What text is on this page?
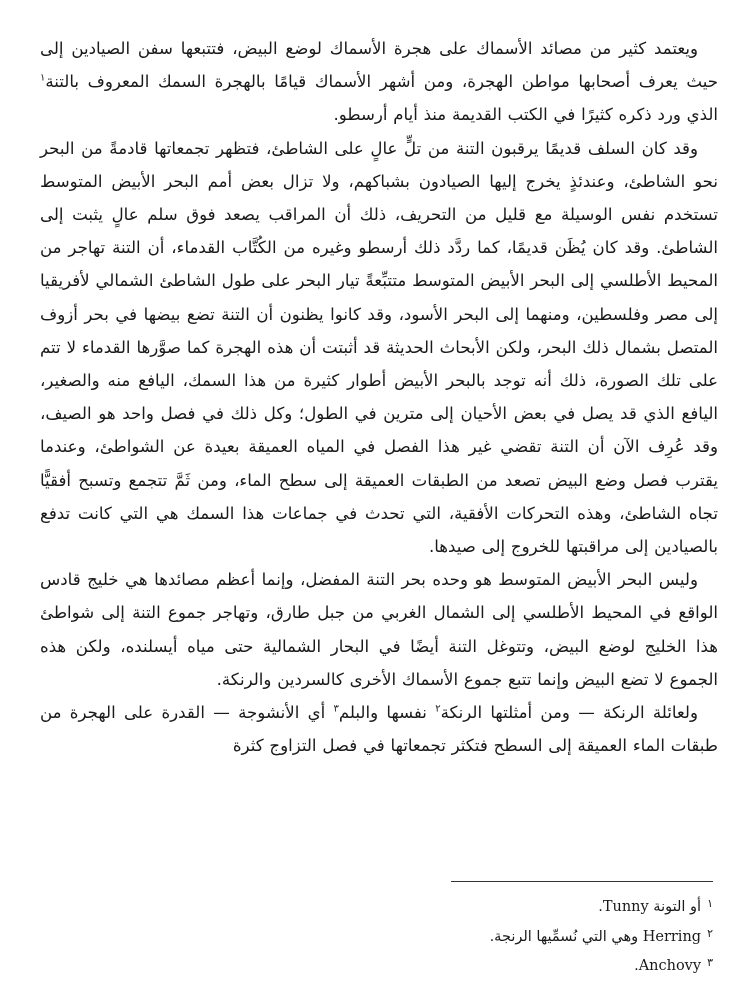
ويعتمد كثير من مصائد الأسماك على هجرة الأسماك لوضع البيض، فتتبعها سفن الصيادين إلى حيث يعرف أصحابها مواطن الهجرة، ومن أشهر الأسماك قيامًا بالهجرة السمك المعروف بالتنة$^١$ الذي ورد ذكره كثيرًا في الكتب القديمة منذ أيام أرسطو.

وقد كان السلف قديمًا يرقبون التنة من تلٍّ عالٍ على الشاطئ، فتظهر تجمعاتها قادمةً من البحر نحو الشاطئ، وعندئذٍ يخرج إليها الصيادون بشباكهم، ولا تزال بعض أمم البحر الأبيض المتوسط تستخدم نفس الوسيلة مع قليل من التحريف، ذلك أن المراقب يصعد فوق سلم عالٍ يثبت إلى الشاطئ. وقد كان يُظَن قديمًا، كما ردَّد ذلك أرسطو وغيره من الكُتَّاب القدماء، أن التنة تهاجر من المحيط الأطلسي إلى البحر الأبيض المتوسط متتبِّعةً تيار البحر على طول الشاطئ الشمالي لأفريقيا إلى مصر وفلسطين، ومنهما إلى البحر الأسود، وقد كانوا يظنون أن التنة تضع بيضها في بحر أزوف المتصل بشمال ذلك البحر، ولكن الأبحاث الحديثة قد أثبتت أن هذه الهجرة كما صوَّرها القدماء لا تتم على تلك الصورة، ذلك أنه توجد بالبحر الأبيض أطوار كثيرة من هذا السمك، اليافع منه والصغير، اليافع الذي قد يصل في بعض الأحيان إلى مترين في الطول؛ وكل ذلك في فصل واحد هو الصيف، وقد عُرِف الآن أن التنة تقضي غير هذا الفصل في المياه العميقة بعيدة عن الشواطئ، وعندما يقترب فصل وضع البيض تصعد من الطبقات العميقة إلى سطح الماء، ومن ثَمَّ تتجمع وتسبح أفقيًّا تجاه الشاطئ، وهذه التحركات الأفقية، التي تحدث في جماعات هذا السمك هي التي كانت تدفع بالصيادين إلى مراقبتها للخروج إلى صيدها.

وليس البحر الأبيض المتوسط هو وحده بحر التنة المفضل، وإنما أعظم مصائدها هي خليج قادس الواقع في المحيط الأطلسي إلى الشمال الغربي من جبل طارق، وتهاجر جموع التنة إلى شواطئ هذا الخليج لوضع البيض، وتتوغل التنة أيضًا في البحار الشمالية حتى مياه أيسلنده، ولكن هذه الجموع لا تضع البيض وإنما تتبع جموع الأسماك الأخرى كالسردين والرنكة.

ولعائلة الرنكة — ومن أمثلتها الرنكة$^٢$ نفسها والبلم$^٣$ أي الأنشوجة — القدرة على الهجرة من طبقات الماء العميقة إلى السطح فتكثر تجمعاتها في فصل التزاوج كثرة

١أو التونة Tunny.

٢Herring وهي التي نُسمِّيها الرنجة.

٣Anchovy.
